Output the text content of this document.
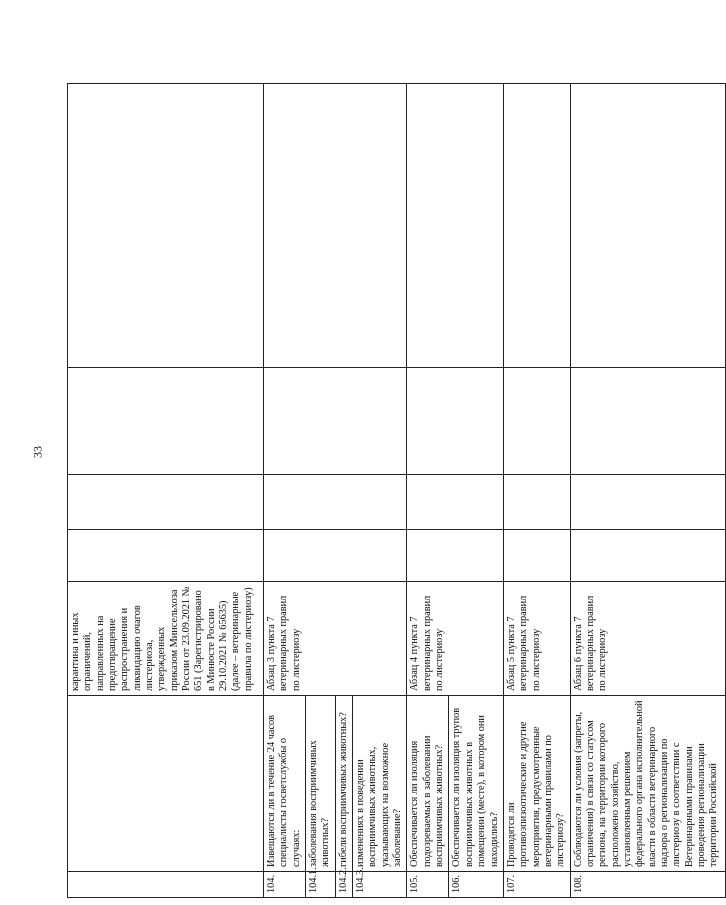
33
		карантина и иных ограничений, направленных на предотвращение распространения и ликвидацию очагов листериоза, утвержденных приказом Минсельхоза России от 23.09.2021 № 651 (Зарегистрировано в Минюсте России 29.10.2021 № 65635) (далее – ветеринарные правила по листериозу)				
104.	Извещаются ли в течение 24 часов специалисты госветслужбы о случаях:	Абзац 3 пункта 7 ветеринарных правил по листериозу				
104.1.	заболевания восприимчивых животных?					
104.2.	гибели восприимчивых животных?					
104.3.	изменениях в поведении восприимчивых животных, указывающих на возможное заболевание?					
105.	Обеспечивается ли изоляция подозреваемых в заболевании восприимчивых животных?	Абзац 4 пункта 7 ветеринарных правил по листериозу				
106.	Обеспечивается ли изоляция трупов восприимчивых животных в помещении (месте), в котором они находились?					
107.	Проводятся ли противоэпизоотические и другие мероприятия, предусмотренные ветеринарными правилами по листериозу?	Абзац 5 пункта 7 ветеринарных правил по листериозу				
108.	Соблюдаются ли условия (запреты, ограничения) в связи со статусом региона, на территории которого расположено хозяйство, установленным решением федерального органа исполнительной власти в области ветеринарного надзора о регионализации по листериозу в соответствии с Ветеринарными правилами проведения регионализации территории Российской	Абзац 6 пункта 7 ветеринарных правил по листериозу				
